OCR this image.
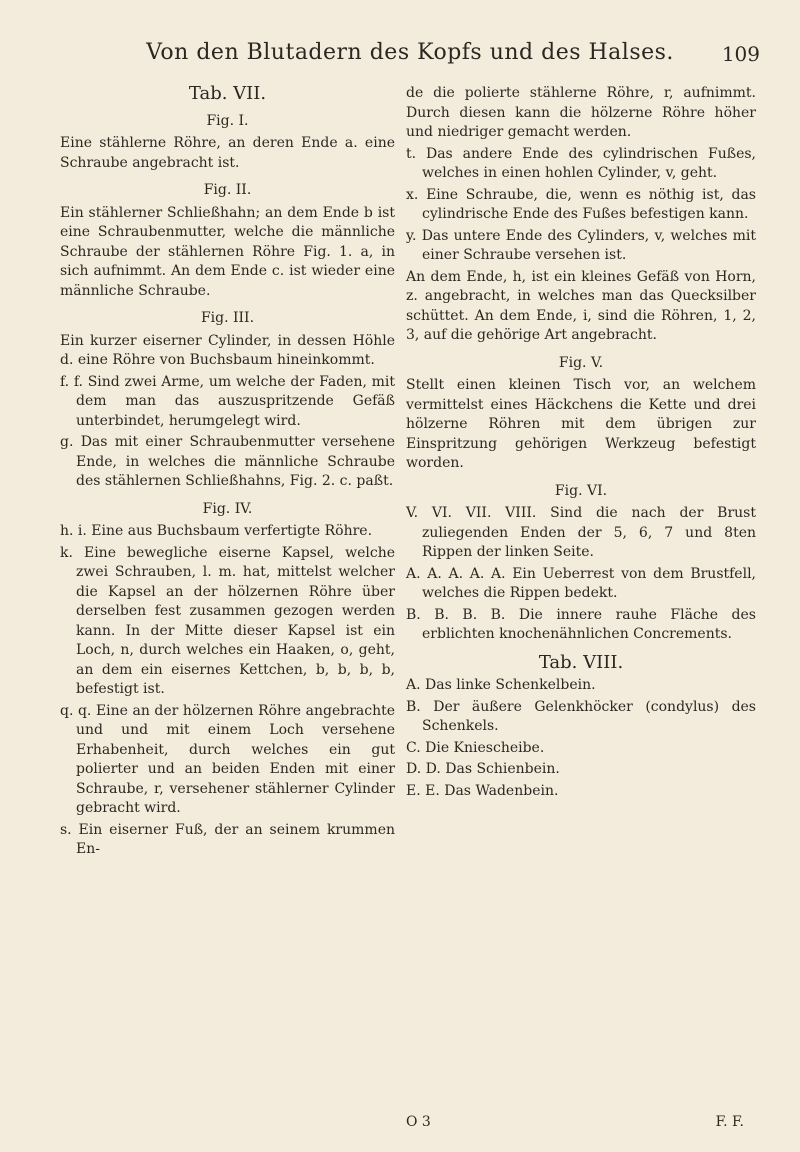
Von den Blutadern des Kopfs und des Halses.	109
Tab. VII.
Fig. I.
Eine stählerne Röhre, an deren Ende a. eine Schraube angebracht ist.
Fig. II.
Ein stählerner Schließhahn; an dem Ende b ist eine Schraubenmutter, welche die männliche Schraube der stählernen Röhre Fig. 1. a, in sich aufnimmt. An dem Ende c. ist wieder eine männliche Schraube.
Fig. III.
Ein kurzer eiserner Cylinder, in dessen Höhle d. eine Röhre von Buchsbaum hineinkommt.
f. f. Sind zwei Arme, um welche der Faden, mit dem man das auszuspritzende Gefäß unterbindet, herumgelegt wird.
g. Das mit einer Schraubenmutter versehene Ende, in welches die männliche Schraube des stählernen Schließhahns, Fig. 2. c. paßt.
Fig. IV.
h. i. Eine aus Buchsbaum verfertigte Röhre.
k. Eine bewegliche eiserne Kapsel, welche zwei Schrauben, l. m. hat, mittelst welcher die Kapsel an der hölzernen Röhre über derselben fest zusammen gezogen werden kann. In der Mitte dieser Kapsel ist ein Loch, n, durch welches ein Haaken, o, geht, an dem ein eisernes Kettchen, b, b, b, b, befestigt ist.
q. q. Eine an der hölzernen Röhre angebrachte und und mit einem Loch versehene Erhabenheit, durch welches ein gut polierter und an beiden Enden mit einer Schraube, r, versehener stählerner Cylinder gebracht wird.
s. Ein eiserner Fuß, der an seinem krummen En-
de die polierte stählerne Röhre, r, aufnimmt. Durch diesen kann die hölzerne Röhre höher und niedriger gemacht werden.
t. Das andere Ende des cylindrischen Fußes, welches in einen hohlen Cylinder, v, geht.
x. Eine Schraube, die, wenn es nöthig ist, das cylindrische Ende des Fußes befestigen kann.
y. Das untere Ende des Cylinders, v, welches mit einer Schraube versehen ist.
An dem Ende, h, ist ein kleines Gefäß von Horn, z. angebracht, in welches man das Quecksilber schüttet. An dem Ende, i, sind die Röhren, 1, 2, 3, auf die gehörige Art angebracht.
Fig. V.
Stellt einen kleinen Tisch vor, an welchem vermittelst eines Häckchens die Kette und drei hölzerne Röhren mit dem übrigen zur Einspritzung gehörigen Werkzeug befestigt worden.
Fig. VI.
V. VI. VII. VIII. Sind die nach der Brust zuliegenden Enden der 5, 6, 7 und 8ten Rippen der linken Seite.
A. A. A. A. A. Ein Ueberrest von dem Brustfell, welches die Rippen bedekt.
B. B. B. B. Die innere rauhe Fläche des erblichten knochenähnlichen Concrements.
Tab. VIII.
A. Das linke Schenkelbein.
B. Der äußere Gelenkhöcker (condylus) des Schenkels.
C. Die Kniescheibe.
D. D. Das Schienbein.
E. E. Das Wadenbein.
O 3	F. F.
